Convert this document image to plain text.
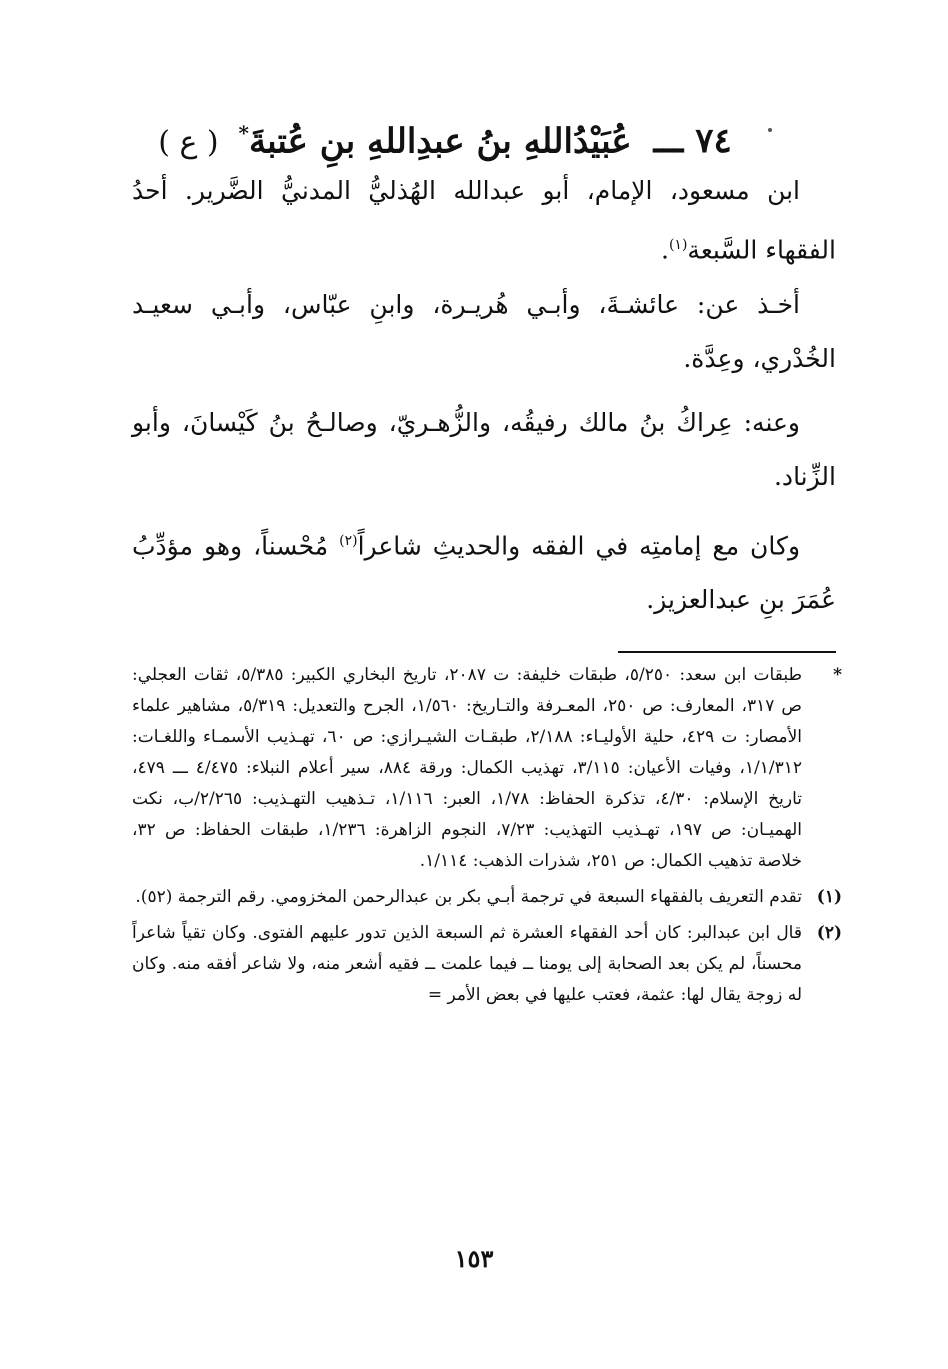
٧٤ ـــ عُبَيْدُاللهِ بنُ عبدِاللهِ بنِ عُتبةَ* ( ع )

ابن مسعود، الإمام، أبو عبدالله الهُذليُّ المدنيُّ الضَّرير. أحدُ الفقهاء السَّبعة$^{(١)}$.

أخـذ عن: عائشـةَ، وأبـي هُريـرة، وابنِ عبّاس، وأبـي سعيـد الخُدْري، وعِدَّة.

وعنه: عِراكُ بنُ مالك رفيقُه، والزُّهـريّ، وصالـحُ بنُ كَيْسانَ، وأبو الزِّناد.

وكان مع إمامتِه في الفقه والحديثِ شاعراً$^{(٢)}$ مُحْسناً، وهو مؤدِّبُ عُمَرَ بنِ عبدالعزيز.

*
طبقات ابن سعد: ٥/٢٥٠، طبقات خليفة: ت ٢٠٨٧، تاريخ البخاري الكبير: ٥/٣٨٥، ثقات العجلي: ص ٣١٧، المعارف: ص ٢٥٠، المعـرفة والتـاريخ: ١/٥٦٠، الجرح والتعديل: ٥/٣١٩، مشاهير علماء الأمصار: ت ٤٢٩، حلية الأوليـاء: ٢/١٨٨، طبقـات الشيـرازي: ص ٦٠، تهـذيب الأسمـاء واللغـات: ١/١/٣١٢، وفيات الأعيان: ٣/١١٥، تهذيب الكمال: ورقة ٨٨٤، سير أعلام النبلاء: ٤/٤٧٥ ـــ ٤٧٩، تاريخ الإسلام: ٤/٣٠، تذكرة الحفاظ: ١/٧٨، العبر: ١/١١٦، تـذهيب التهـذيب: ٢/٢٦٥/ب، نكت الهميـان: ص ١٩٧، تهـذيب التهذيب: ٧/٢٣، النجوم الزاهرة: ١/٢٣٦، طبقات الحفاظ: ص ٣٢، خلاصة تذهيب الكمال: ص ٢٥١، شذرات الذهب: ١/١١٤.
(١)
تقدم التعريف بالفقهاء السبعة في ترجمة أبـي بكر بن عبدالرحمن المخزومي. رقم الترجمة (٥٢).
(٢)
قال ابن عبدالبر: كان أحد الفقهاء العشرة ثم السبعة الذين تدور عليهم الفتوى. وكان تقياً شاعراً محسناً، لم يكن بعد الصحابة إلى يومنا ــ فيما علمت ــ فقيه أشعر منه، ولا شاعر أفقه منه. وكان له زوجة يقال لها: عثمة، فعتب عليها في بعض الأمر =
١٥٣
